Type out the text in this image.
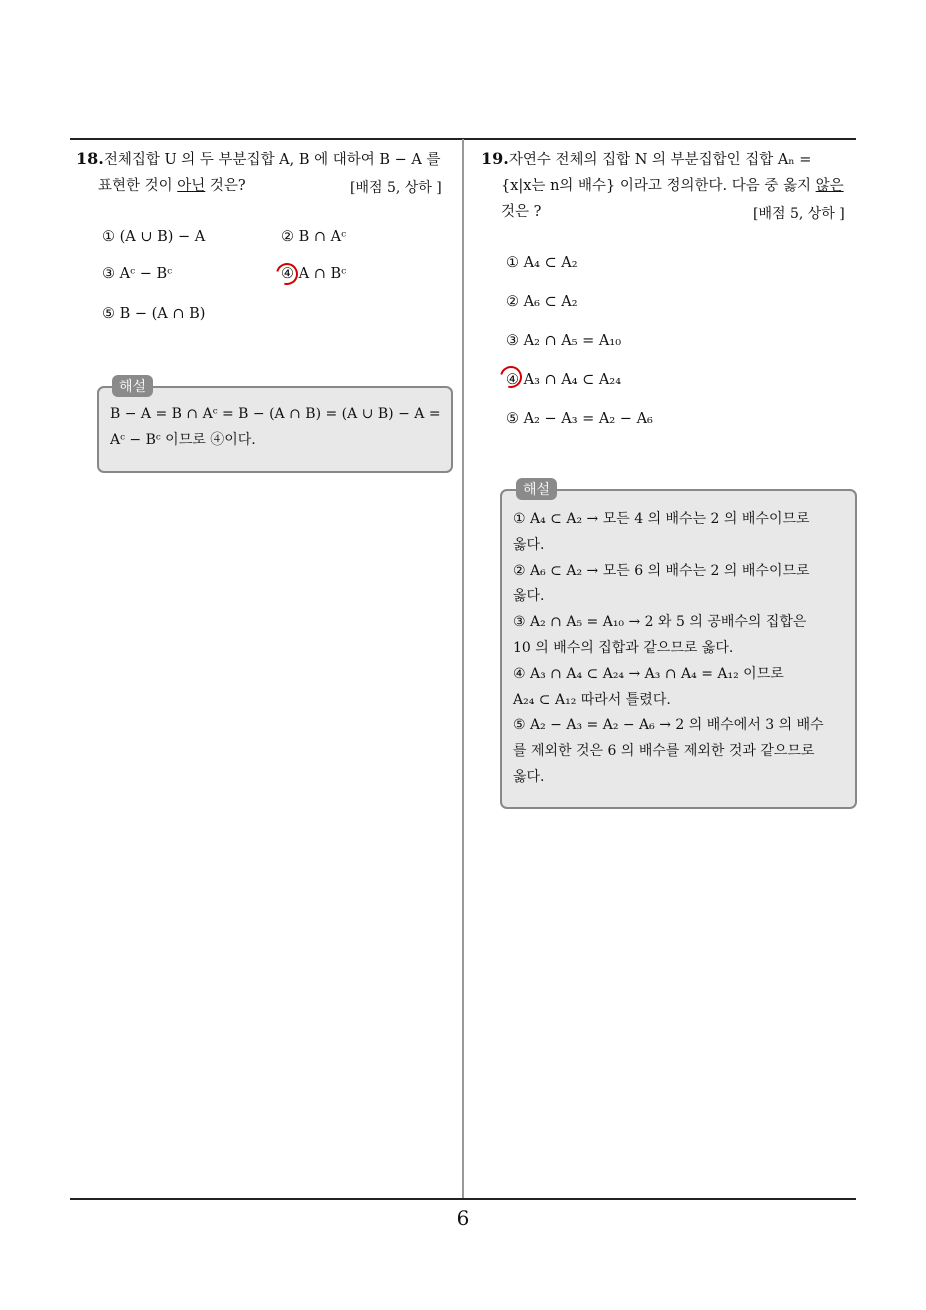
6
18.전체집합 U 의 두 부분집합 A, B 에 대하여 B − A 를
표현한 것이 아닌 것은?	[배점 5, 상하 ]
① (A ∪ B) − A	② B ∩ Aᶜ
③ Aᶜ − Bᶜ	④ A ∩ Bᶜ
⑤ B − (A ∩ B)
해설
B − A = B ∩ Aᶜ = B − (A ∩ B) = (A ∪ B) − A =
Aᶜ − Bᶜ 이므로 ④이다.
19.자연수 전체의 집합 N 의 부분집합인 집합 Aₙ =
{x|x는 n의 배수} 이라고 정의한다. 다음 중 옳지 않은
것은 ?	[배점 5, 상하 ]
① A₄ ⊂ A₂
② A₆ ⊂ A₂
③ A₂ ∩ A₅ = A₁₀
④ A₃ ∩ A₄ ⊂ A₂₄
⑤ A₂ − A₃ = A₂ − A₆
해설
① A₄ ⊂ A₂ → 모든 4 의 배수는 2 의 배수이므로
옳다.
② A₆ ⊂ A₂ → 모든 6 의 배수는 2 의 배수이므로
옳다.
③ A₂ ∩ A₅ = A₁₀ → 2 와 5 의 공배수의 집합은
10 의 배수의 집합과 같으므로 옳다.
④ A₃ ∩ A₄ ⊂ A₂₄ → A₃ ∩ A₄ = A₁₂ 이므로
A₂₄ ⊂ A₁₂ 따라서 틀렸다.
⑤ A₂ − A₃ = A₂ − A₆ → 2 의 배수에서 3 의 배수
를 제외한 것은 6 의 배수를 제외한 것과 같으므로
옳다.
